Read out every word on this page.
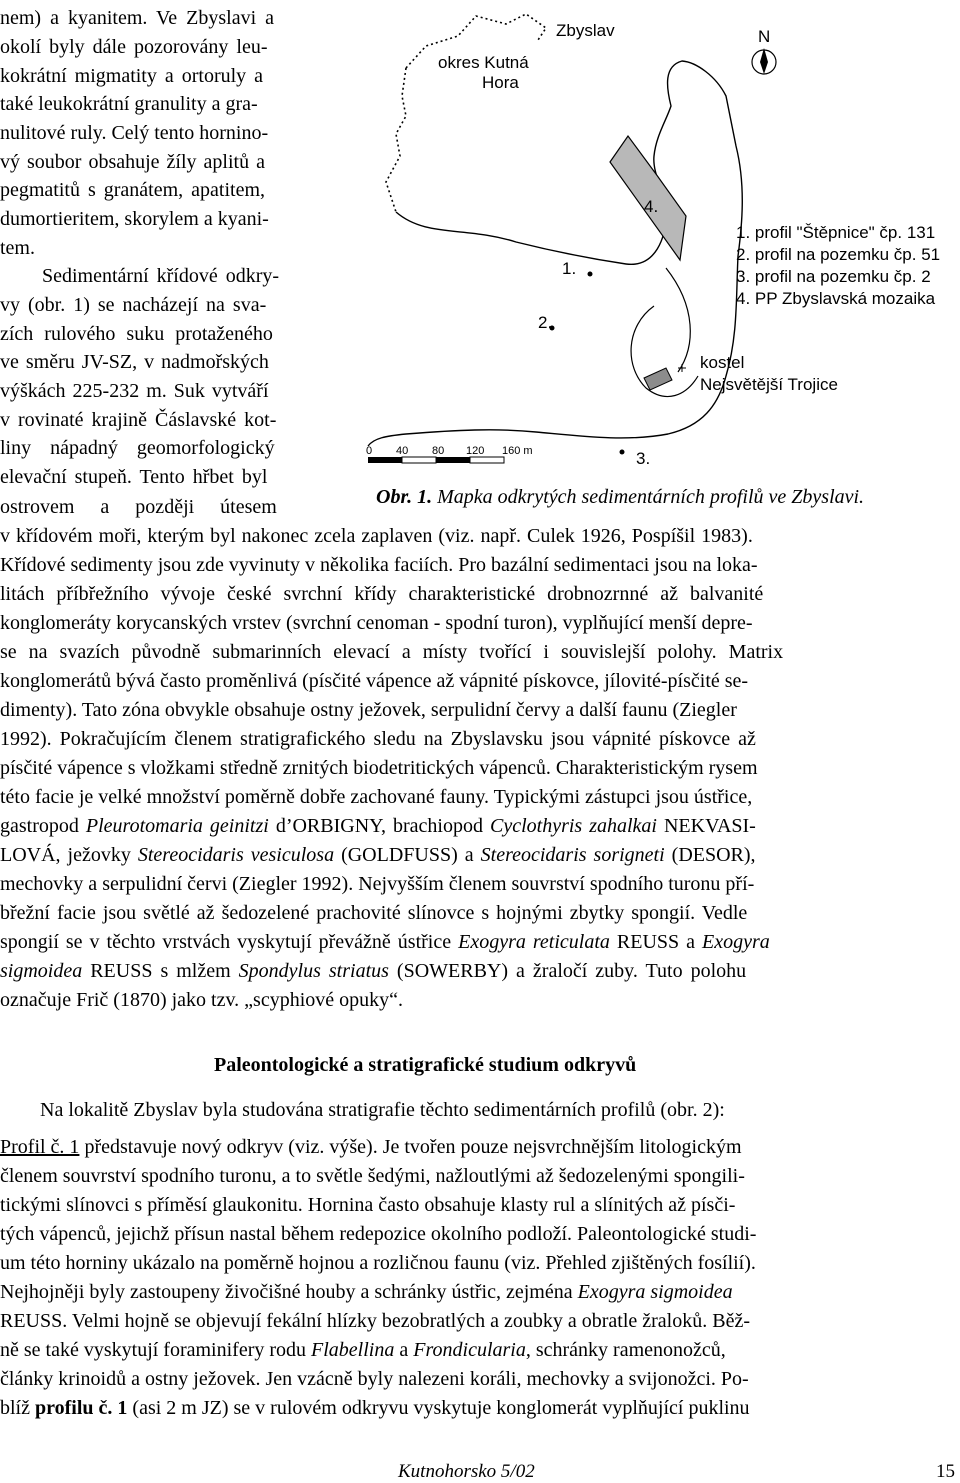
nem) a kyanitem. Ve Zbyslavi a
okolí byly dále pozorovány leu-
kokrátní migmatity a ortoruly a
také leukokrátní granulity a gra-
nulitové ruly. Celý tento hornino-
vý soubor obsahuje žíly aplitů a
pegmatitů s granátem, apatitem,
dumortieritem, skorylem a kyani-
tem.
Sedimentární křídové odkry-
vy (obr. 1) se nacházejí na sva-
zích rulového suku protaženého
ve směru JV-SZ, v nadmořských
výškách 225-232 m. Suk vytváří
v rovinaté krajině Čáslavské kot-
liny nápadný geomorfologický
elevační stupeň. Tento hřbet byl
ostrovem a později útesem
okres Kutná
Hora
Zbyslav	N
1. profil "Štěpnice" čp. 131
2. profil na pozemku čp. 51
3. profil na pozemku čp. 2
4. PP Zbyslavská mozaika
kostel
Nejsvětější Trojice
4.
1.
2.
3.
0 40 80 120 160 m
Obr. 1. Mapka odkrytých sedimentárních profilů ve Zbyslavi.
v křídovém moři, kterým byl nakonec zcela zaplaven (viz. např. Culek 1926, Pospíšil 1983).
Křídové sedimenty jsou zde vyvinuty v několika faciích. Pro bazální sedimentaci jsou na loka-
litách příbřežního vývoje české svrchní křídy charakteristické drobnozrnné až balvanité
konglomeráty korycanských vrstev (svrchní cenoman - spodní turon), vyplňující menší depre-
se na svazích původně submarinních elevací a místy tvořící i souvislejší polohy. Matrix
konglomerátů bývá často proměnlivá (písčité vápence až vápnité pískovce, jílovité-písčité se-
dimenty). Tato zóna obvykle obsahuje ostny ježovek, serpulidní červy a další faunu (Ziegler
1992). Pokračujícím členem stratigrafického sledu na Zbyslavsku jsou vápnité pískovce až
písčité vápence s vložkami středně zrnitých biodetritických vápenců. Charakteristickým rysem
této facie je velké množství poměrně dobře zachované fauny. Typickými zástupci jsou ústřice,
gastropod Pleurotomaria geinitzi d’ORBIGNY, brachiopod Cyclothyris zahalkai NEKVASI-
LOVÁ, ježovky Stereocidaris vesiculosa (GOLDFUSS) a Stereocidaris sorigneti (DESOR),
mechovky a serpulidní červi (Ziegler 1992). Nejvyšším členem souvrství spodního turonu pří-
břežní facie jsou světlé až šedozelené prachovité slínovce s hojnými zbytky spongií. Vedle
spongií se v těchto vrstvách vyskytují převážně ústřice Exogyra reticulata REUSS a Exogyra
sigmoidea REUSS s mlžem Spondylus striatus (SOWERBY) a žraločí zuby. Tuto polohu
označuje Frič (1870) jako tzv. „scyphiové opuky“.
Paleontologické a stratigrafické studium odkryvů
Na lokalitě Zbyslav byla studována stratigrafie těchto sedimentárních profilů (obr. 2):
Profil č. 1 představuje nový odkryv (viz. výše). Je tvořen pouze nejsvrchnějším litologickým
členem souvrství spodního turonu, a to světle šedými, nažloutlými až šedozelenými spongili-
tickými slínovci s příměsí glaukonitu. Hornina často obsahuje klasty rul a slínitých až písči-
tých vápenců, jejichž přísun nastal během redepozice okolního podloží. Paleontologické studi-
um této horniny ukázalo na poměrně hojnou a rozličnou faunu (viz. Přehled zjištěných fosílií).
Nejhojněji byly zastoupeny živočišné houby a schránky ústřic, zejména Exogyra sigmoidea
REUSS. Velmi hojně se objevují fekální hlízky bezobratlých a zoubky a obratle žraloků. Běž-
ně se také vyskytují foraminifery rodu Flabellina a Frondicularia, schránky ramenonožců,
články krinoidů a ostny ježovek. Jen vzácně byly nalezeni koráli, mechovky a svijonožci. Po-
blíž profilu č. 1 (asi 2 m JZ) se v rulovém odkryvu vyskytuje konglomerát vyplňující puklinu
Kutnohorsko 5/02	15
